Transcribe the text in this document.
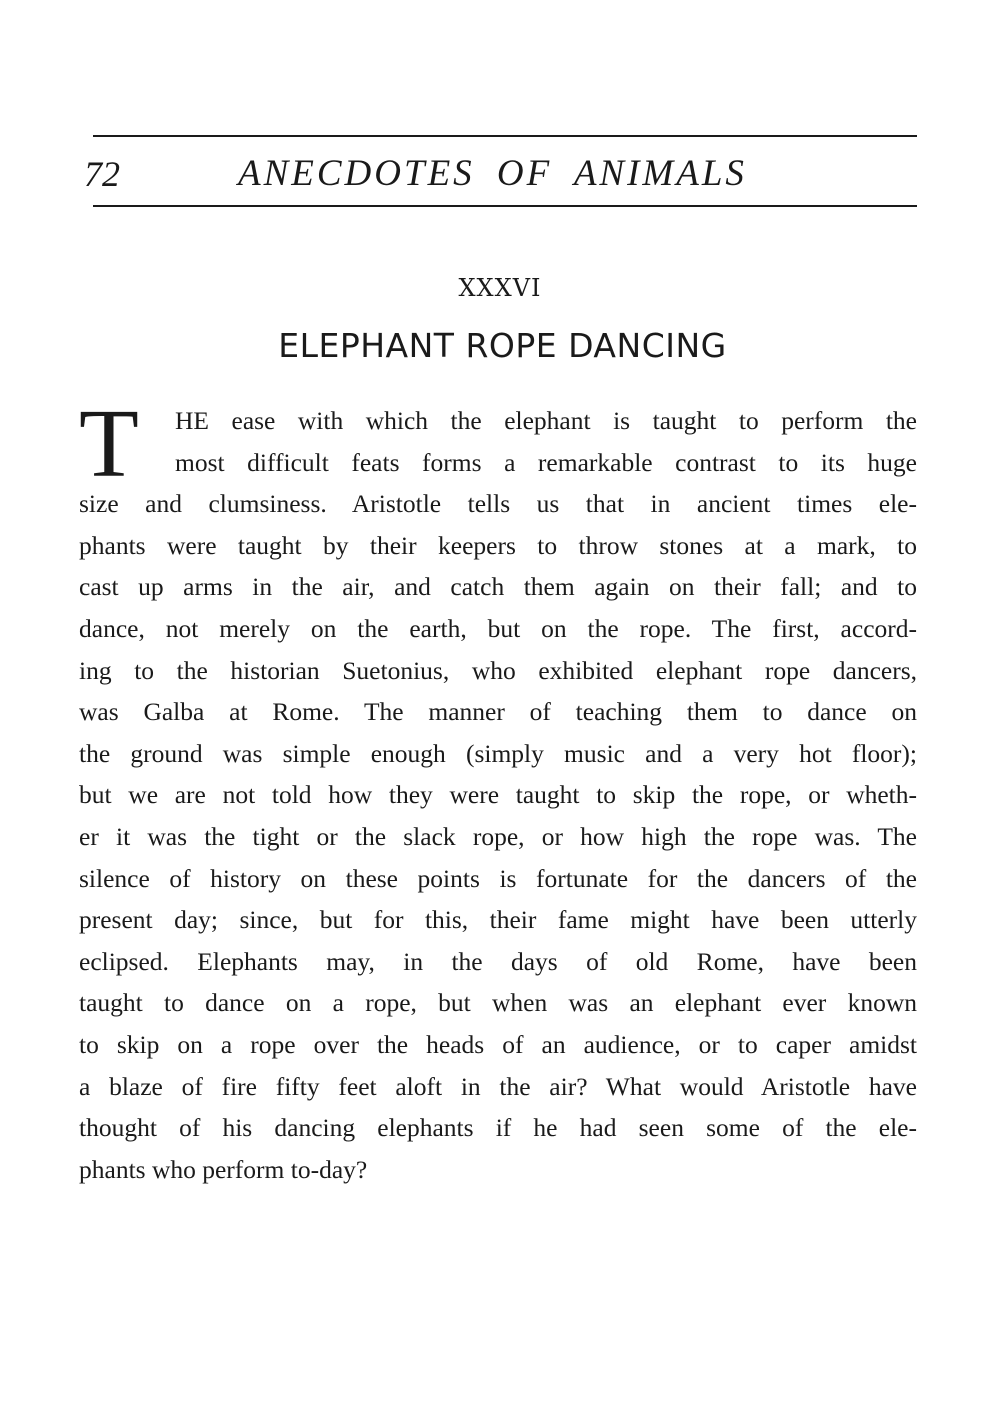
72	ANECDOTES OF ANIMALS
XXXVI
ELEPHANT ROPE DANCING
T	HE ease with which the elephant is taught to perform the
most difficult feats forms a remarkable contrast to its huge
size and clumsiness. Aristotle tells us that in ancient times ele-
phants were taught by their keepers to throw stones at a mark, to
cast up arms in the air, and catch them again on their fall; and to
dance, not merely on the earth, but on the rope. The first, accord-
ing to the historian Suetonius, who exhibited elephant rope dancers,
was Galba at Rome. The manner of teaching them to dance on
the ground was simple enough (simply music and a very hot floor);
but we are not told how they were taught to skip the rope, or wheth-
er it was the tight or the slack rope, or how high the rope was. The
silence of history on these points is fortunate for the dancers of the
present day; since, but for this, their fame might have been utterly
eclipsed. Elephants may, in the days of old Rome, have been
taught to dance on a rope, but when was an elephant ever known
to skip on a rope over the heads of an audience, or to caper amidst
a blaze of fire fifty feet aloft in the air? What would Aristotle have
thought of his dancing elephants if he had seen some of the ele-
phants who perform to-day?
